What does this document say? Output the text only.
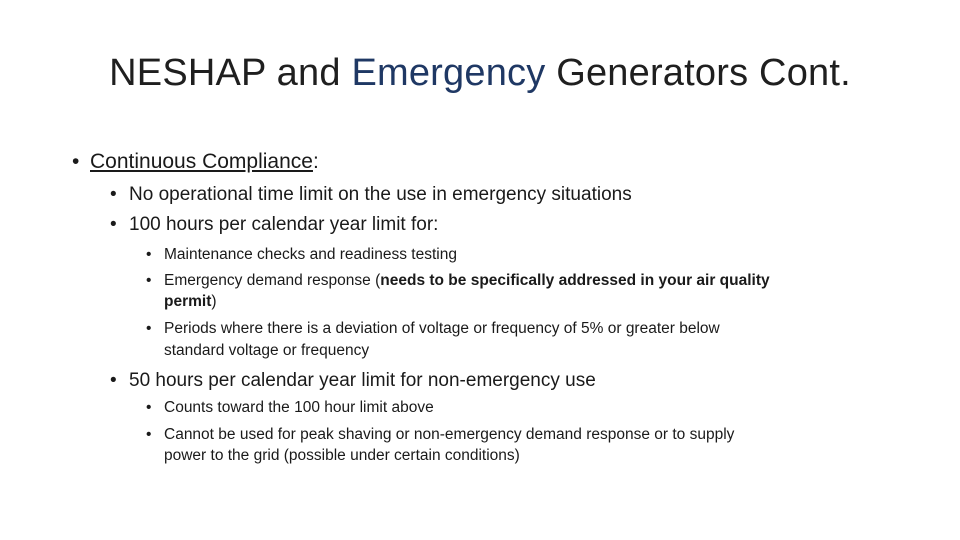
NESHAP and Emergency Generators Cont.
• Continuous Compliance:
• No operational time limit on the use in emergency situations
• 100 hours per calendar year limit for:
• Maintenance checks and readiness testing
• Emergency demand response (needs to be specifically addressed in your air quality
permit)
• Periods where there is a deviation of voltage or frequency of 5% or greater below
standard voltage or frequency
• 50 hours per calendar year limit for non-emergency use
• Counts toward the 100 hour limit above
• Cannot be used for peak shaving or non-emergency demand response or to supply
power to the grid (possible under certain conditions)
